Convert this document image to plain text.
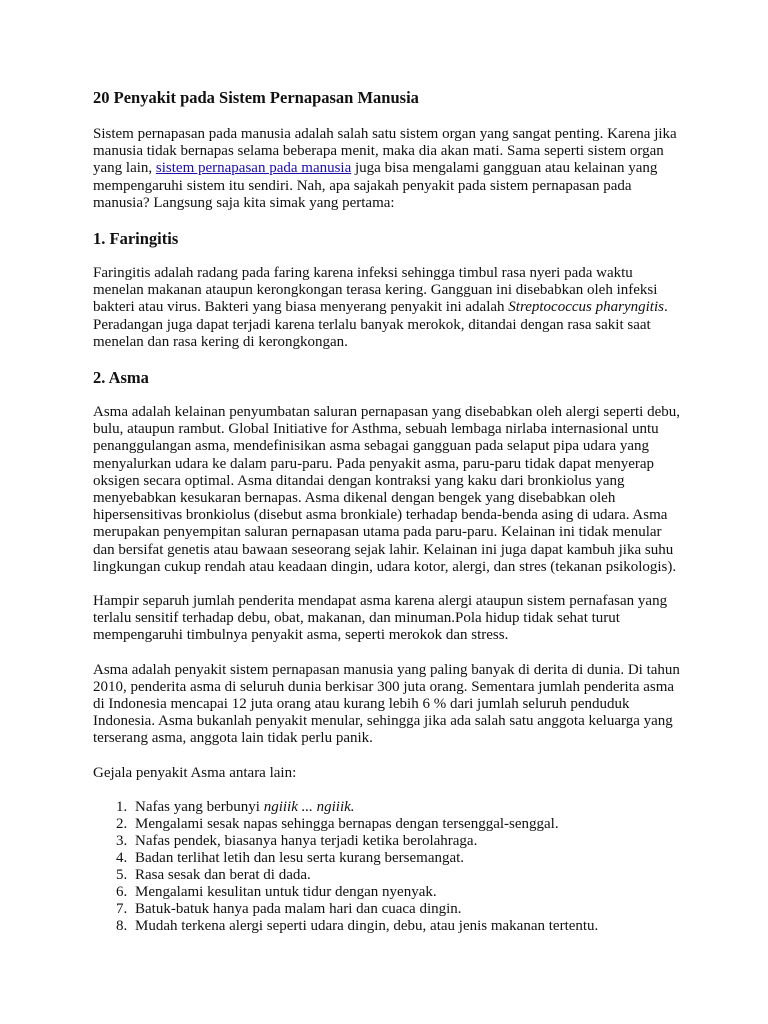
20 Penyakit pada Sistem Pernapasan Manusia

Sistem pernapasan pada manusia adalah salah satu sistem organ yang sangat penting. Karena jika manusia tidak bernapas selama beberapa menit, maka dia akan mati. Sama seperti sistem organ yang lain, sistem pernapasan pada manusia juga bisa mengalami gangguan atau kelainan yang mempengaruhi sistem itu sendiri. Nah, apa sajakah penyakit pada sistem pernapasan pada manusia? Langsung saja kita simak yang pertama:

1. Faringitis

Faringitis adalah radang pada faring karena infeksi sehingga timbul rasa nyeri pada waktu menelan makanan ataupun kerongkongan terasa kering. Gangguan ini disebabkan oleh infeksi bakteri atau virus. Bakteri yang biasa menyerang penyakit ini adalah Streptococcus pharyngitis. Peradangan juga dapat terjadi karena terlalu banyak merokok, ditandai dengan rasa sakit saat menelan dan rasa kering di kerongkongan.

2. Asma

Asma adalah kelainan penyumbatan saluran pernapasan yang disebabkan oleh alergi seperti debu, bulu, ataupun rambut. Global Initiative for Asthma, sebuah lembaga nirlaba internasional untu penanggulangan asma, mendefinisikan asma sebagai gangguan pada selaput pipa udara yang menyalurkan udara ke dalam paru-paru. Pada penyakit asma, paru-paru tidak dapat menyerap oksigen secara optimal. Asma ditandai dengan kontraksi yang kaku dari bronkiolus yang menyebabkan kesukaran bernapas. Asma dikenal dengan bengek yang disebabkan oleh hipersensitivas bronkiolus (disebut asma bronkiale) terhadap benda-benda asing di udara. Asma merupakan penyempitan saluran pernapasan utama pada paru-paru. Kelainan ini tidak menular dan bersifat genetis atau bawaan seseorang sejak lahir. Kelainan ini juga dapat kambuh jika suhu lingkungan cukup rendah atau keadaan dingin, udara kotor, alergi, dan stres (tekanan psikologis).

Hampir separuh jumlah penderita mendapat asma karena alergi ataupun sistem pernafasan yang terlalu sensitif terhadap debu, obat, makanan, dan minuman.Pola hidup tidak sehat turut mempengaruhi timbulnya penyakit asma, seperti merokok dan stress.

Asma adalah penyakit sistem pernapasan manusia yang paling banyak di derita di dunia. Di tahun 2010, penderita asma di seluruh dunia berkisar 300 juta orang. Sementara jumlah penderita asma di Indonesia mencapai 12 juta orang atau kurang lebih 6 % dari jumlah seluruh penduduk Indonesia. Asma bukanlah penyakit menular, sehingga jika ada salah satu anggota keluarga yang terserang asma, anggota lain tidak perlu panik.

Gejala penyakit Asma antara lain:

1. Nafas yang berbunyi ngiiik ... ngiiik.
2. Mengalami sesak napas sehingga bernapas dengan tersenggal-senggal.
3. Nafas pendek, biasanya hanya terjadi ketika berolahraga.
4. Badan terlihat letih dan lesu serta kurang bersemangat.
5. Rasa sesak dan berat di dada.
6. Mengalami kesulitan untuk tidur dengan nyenyak.
7. Batuk-batuk hanya pada malam hari dan cuaca dingin.
8. Mudah terkena alergi seperti udara dingin, debu, atau jenis makanan tertentu.
